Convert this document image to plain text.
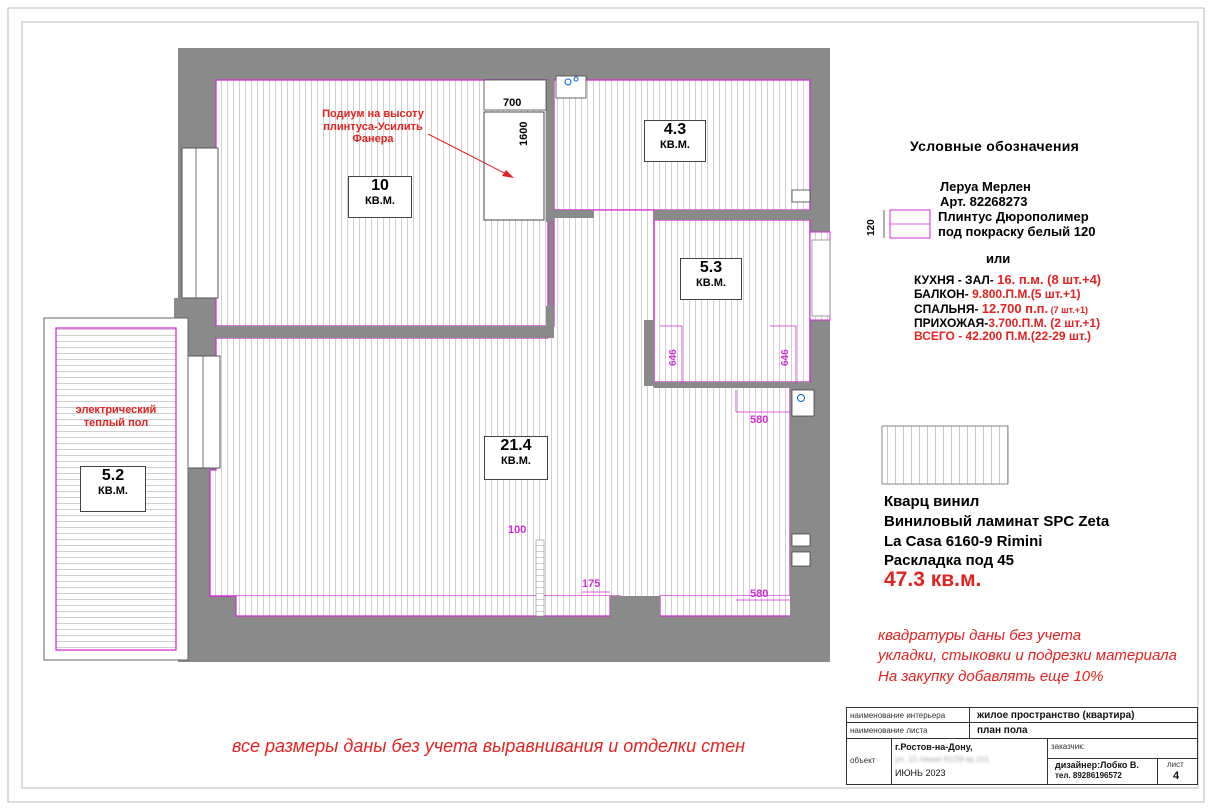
10
КВ.М.
4.3
КВ.М.
5.3
КВ.М.
21.4
КВ.М.
5.2
КВ.М.
Подиум на высоту
плинтуса-Усилить
Фанера
электрический
теплый пол
700
1600
646	646
580
100
175
580
Условные обозначения
120
Леруа Мерлен
Арт. 82268273
Плинтус Дюрополимер
под покраску белый 120
или
КУХНЯ - ЗАЛ- 16. п.м. (8 шт.+4)
БАЛКОН- 9.800.П.М.(5 шт.+1)
СПАЛЬНЯ- 12.700 п.п. (7 шт.+1)
ПРИХОЖАЯ-3.700.П.М. (2 шт.+1)
ВСЕГО - 42.200 П.М.(22-29 шт.)
Кварц винил
Виниловый ламинат SPC Zeta
La Casa 6160-9 Rimini
Раскладка под 45
47.3 кв.м.
квадратуры даны без учета
укладки, стыковки и подрезки материала
На закупку добавлять еще 10%
все размеры даны без учета выравнивания и отделки стен
наименование интерьера	жилое пространство (квартира)
наименование листа	план пола
объект
г.Ростов-на-Дону,
ул. 10 линия 61/39 кв.101
ИЮНЬ 2023
заказчик:
дизайнер:Лобко В.
тел. 89286196572
лист
4
